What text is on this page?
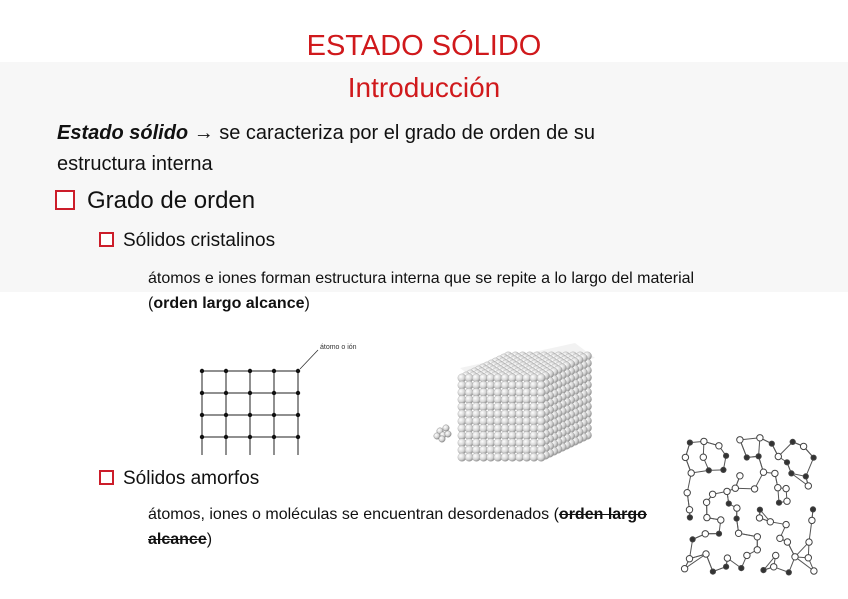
ESTADO SÓLIDO
Introducción
Estado sólido → se caracteriza por el grado de orden de su
estructura interna
Grado de orden
Sólidos cristalinos
átomos e iones forman estructura interna que se repite a lo largo del material (orden largo alcance)
átomo o ión
Sólidos amorfos
átomos, iones o moléculas se encuentran desordenados (orden largo alcance)
